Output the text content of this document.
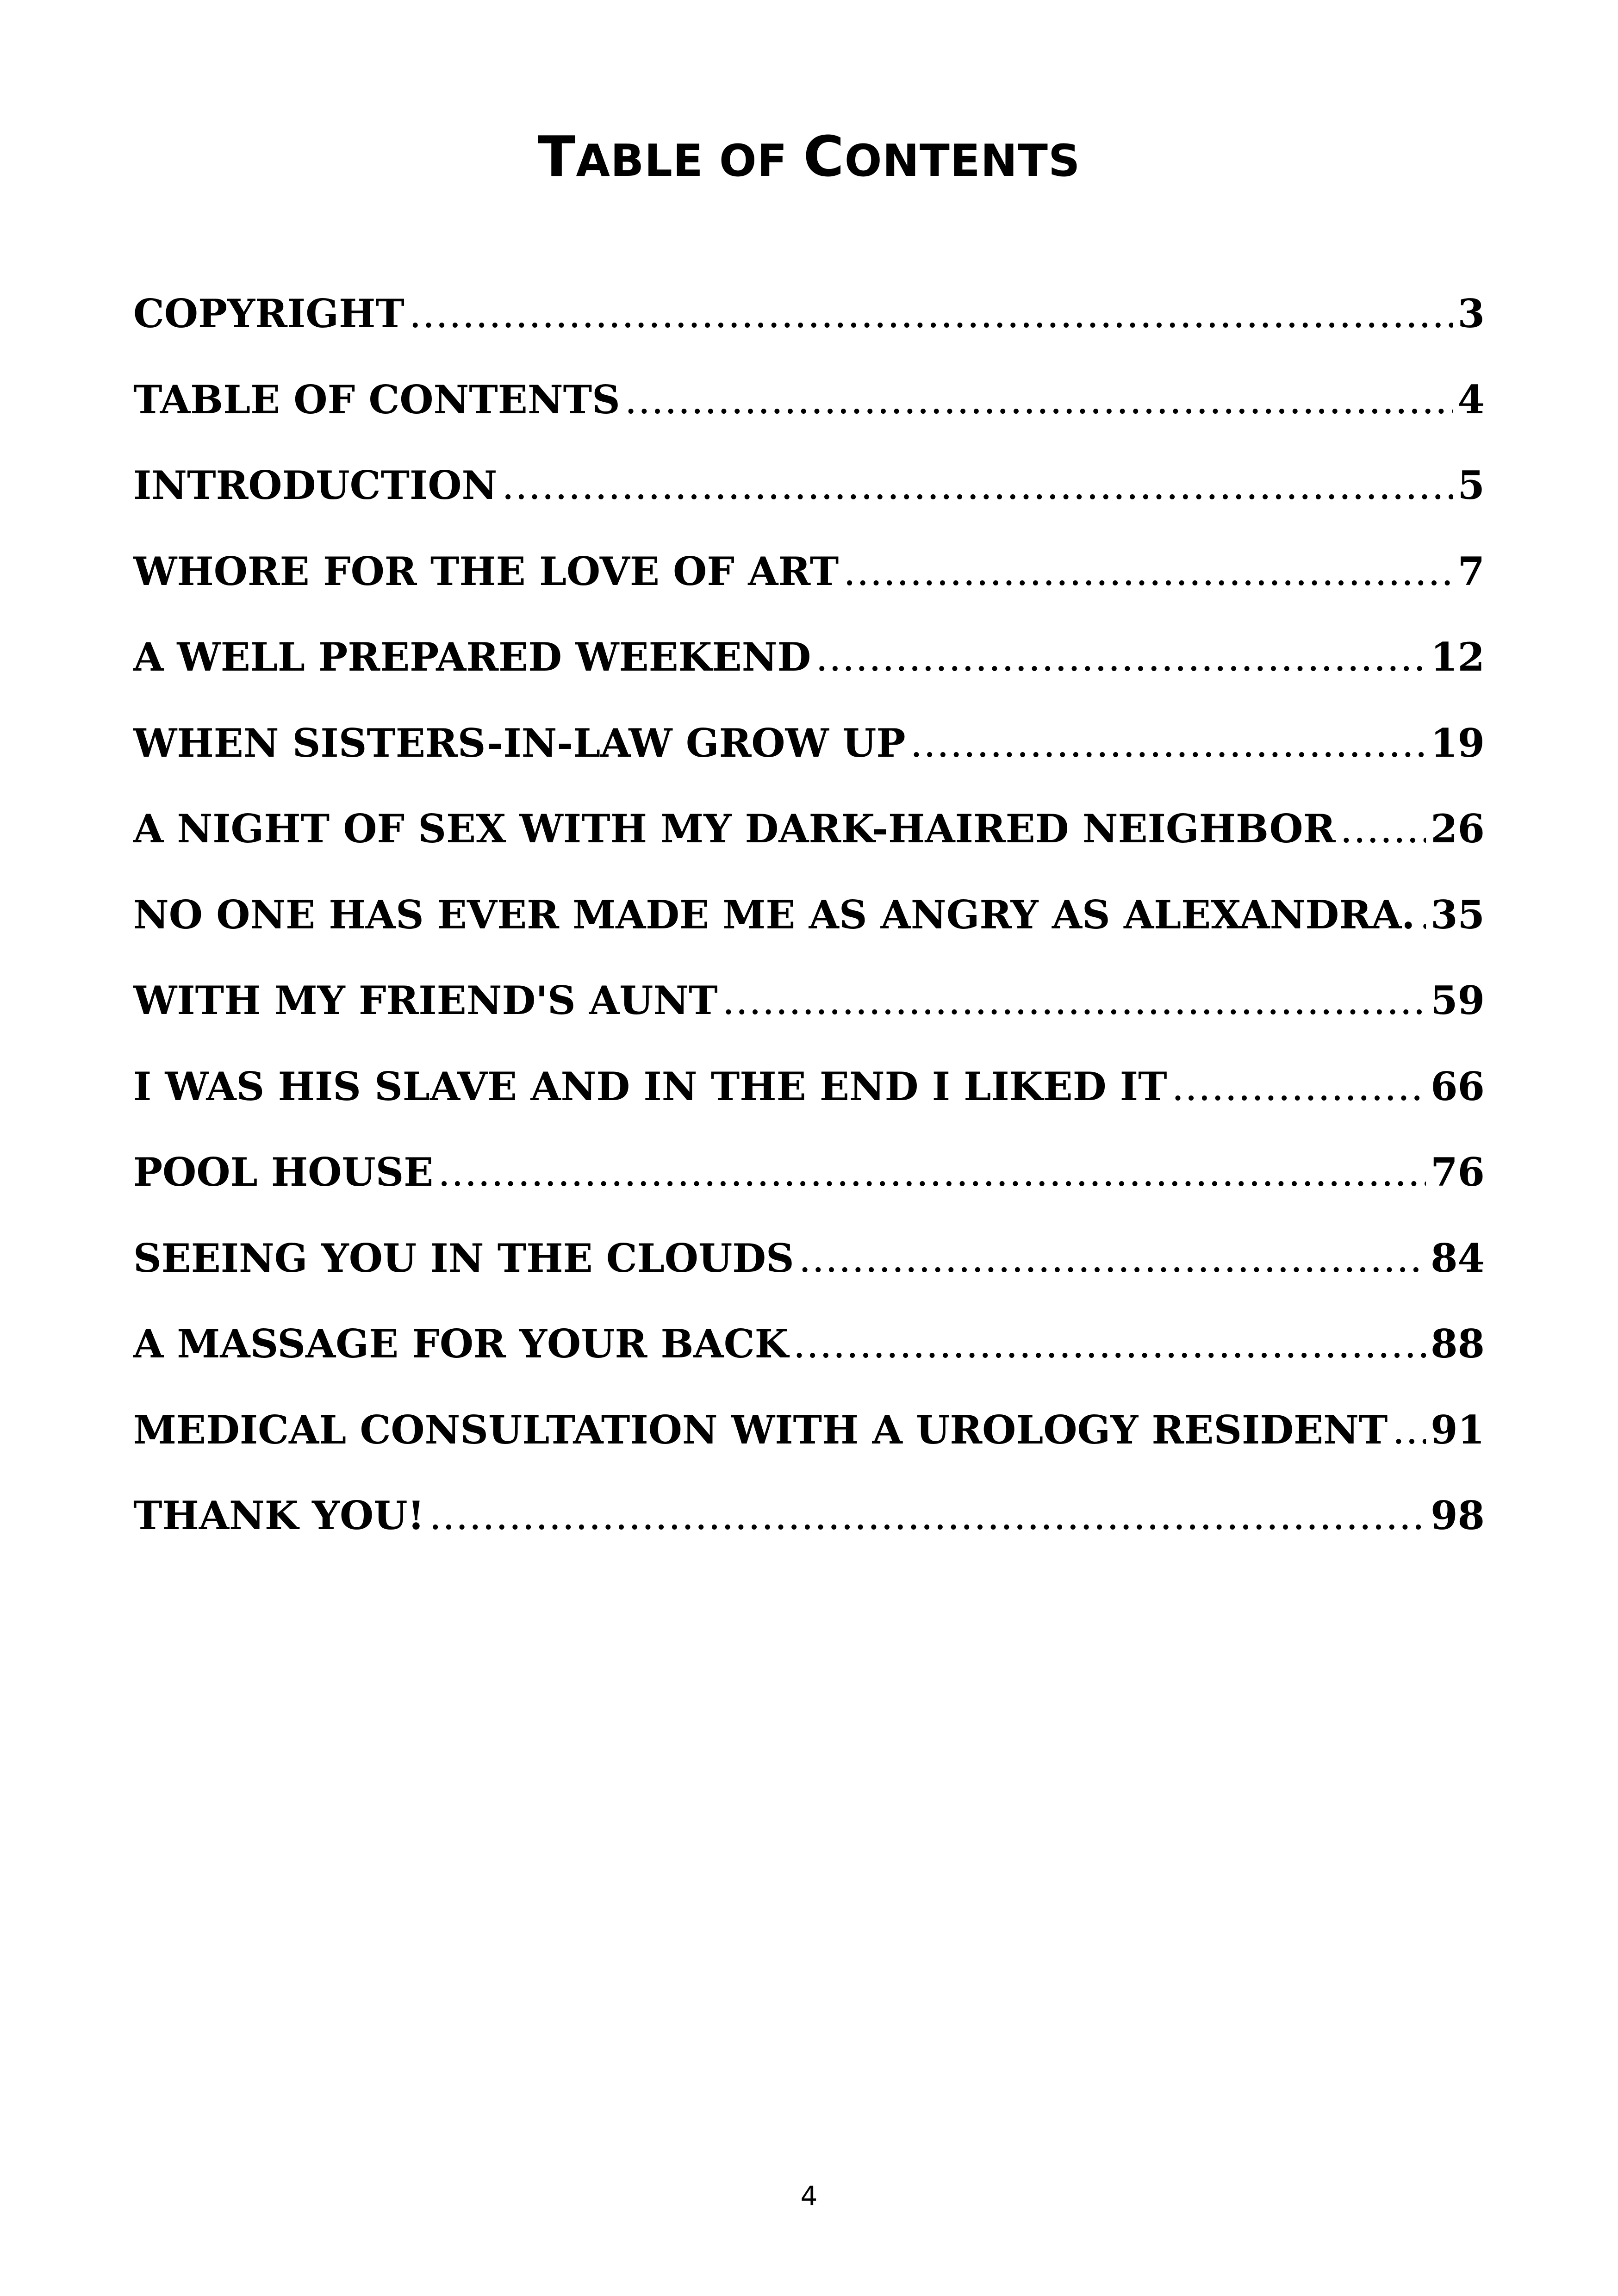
TABLE OF CONTENTS
COPYRIGHT .....	3
TABLE OF CONTENTS .....	4
INTRODUCTION .....	5
WHORE FOR THE LOVE OF ART .....	7
A WELL PREPARED WEEKEND .....	12
WHEN SISTERS-IN-LAW GROW UP .....	19
A NIGHT OF SEX WITH MY DARK-HAIRED NEIGHBOR ..... 26
NO ONE HAS EVER MADE ME AS ANGRY AS ALEXANDRA. ..... 35
WITH MY FRIEND'S AUNT .....	59
I WAS HIS SLAVE AND IN THE END I LIKED IT .....	66
POOL HOUSE .....	76
SEEING YOU IN THE CLOUDS .....	84
A MASSAGE FOR YOUR BACK .....	88
MEDICAL CONSULTATION WITH A UROLOGY RESIDENT ..... 91
THANK YOU! .....	98
4
